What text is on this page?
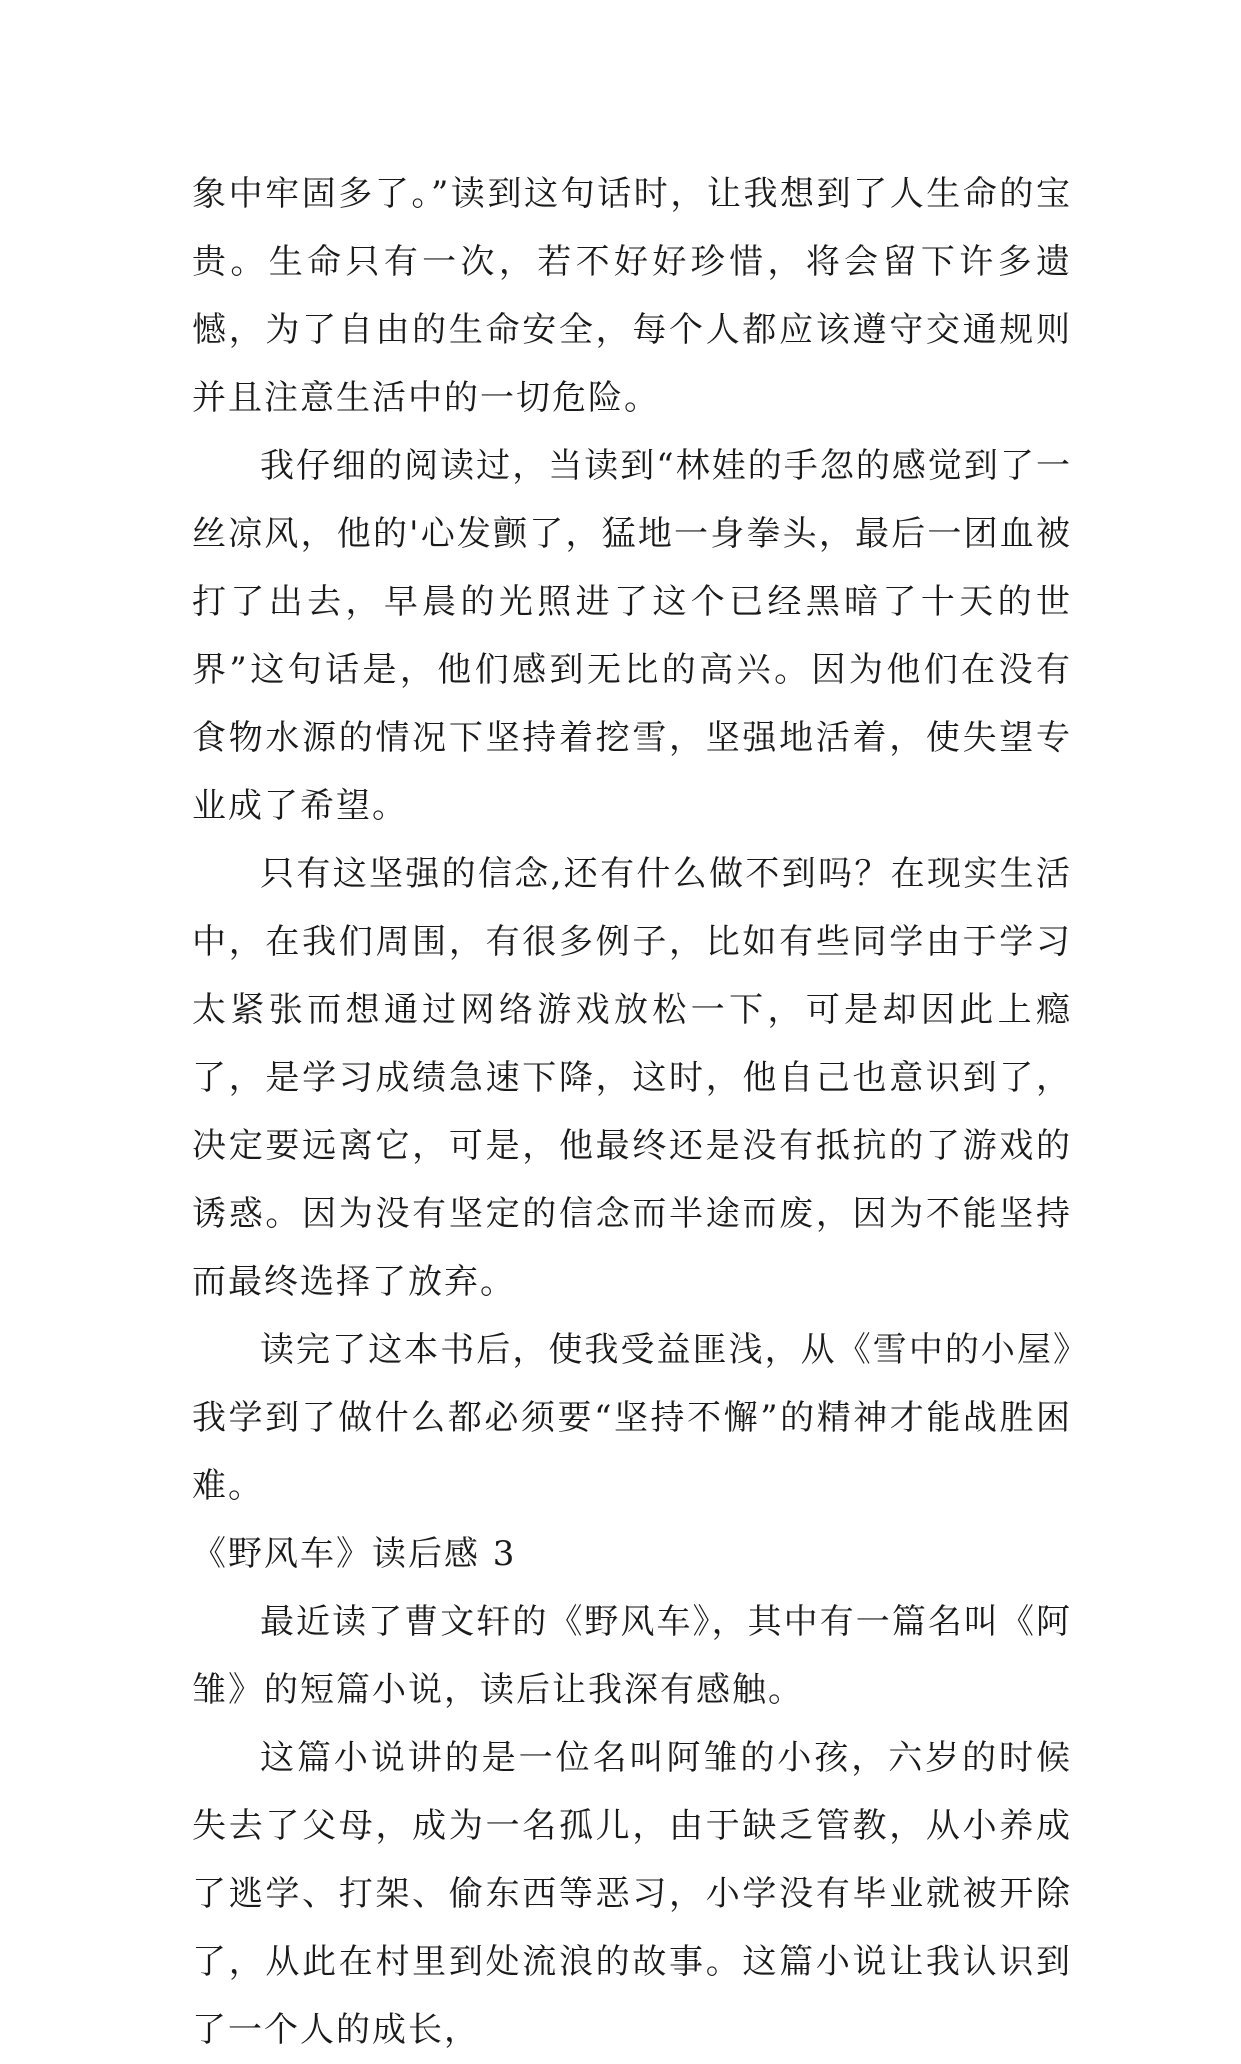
象中牢固多了。”读到这句话时，让我想到了人生命的宝贵。生命只有一次，若不好好珍惜，将会留下许多遗憾，为了自由的生命安全，每个人都应该遵守交通规则并且注意生活中的一切危险。

我仔细的阅读过，当读到“林娃的手忽的感觉到了一丝凉风，他的'心发颤了，猛地一身拳头，最后一团血被打了出去，早晨的光照进了这个已经黑暗了十天的世界”这句话是，他们感到无比的高兴。因为他们在没有食物水源的情况下坚持着挖雪，坚强地活着，使失望专业成了希望。

只有这坚强的信念,还有什么做不到吗？在现实生活中，在我们周围，有很多例子，比如有些同学由于学习太紧张而想通过网络游戏放松一下，可是却因此上瘾了，是学习成绩急速下降，这时，他自己也意识到了，决定要远离它，可是，他最终还是没有抵抗的了游戏的诱惑。因为没有坚定的信念而半途而废，因为不能坚持而最终选择了放弃。

读完了这本书后，使我受益匪浅，从《雪中的小屋》我学到了做什么都必须要“坚持不懈”的精神才能战胜困难。

《野风车》读后感 3

最近读了曹文轩的《野风车》，其中有一篇名叫《阿雏》的短篇小说，读后让我深有感触。

这篇小说讲的是一位名叫阿雏的小孩，六岁的时候失去了父母，成为一名孤儿，由于缺乏管教，从小养成了逃学、打架、偷东西等恶习，小学没有毕业就被开除了，从此在村里到处流浪的故事。这篇小说让我认识到了一个人的成长，
